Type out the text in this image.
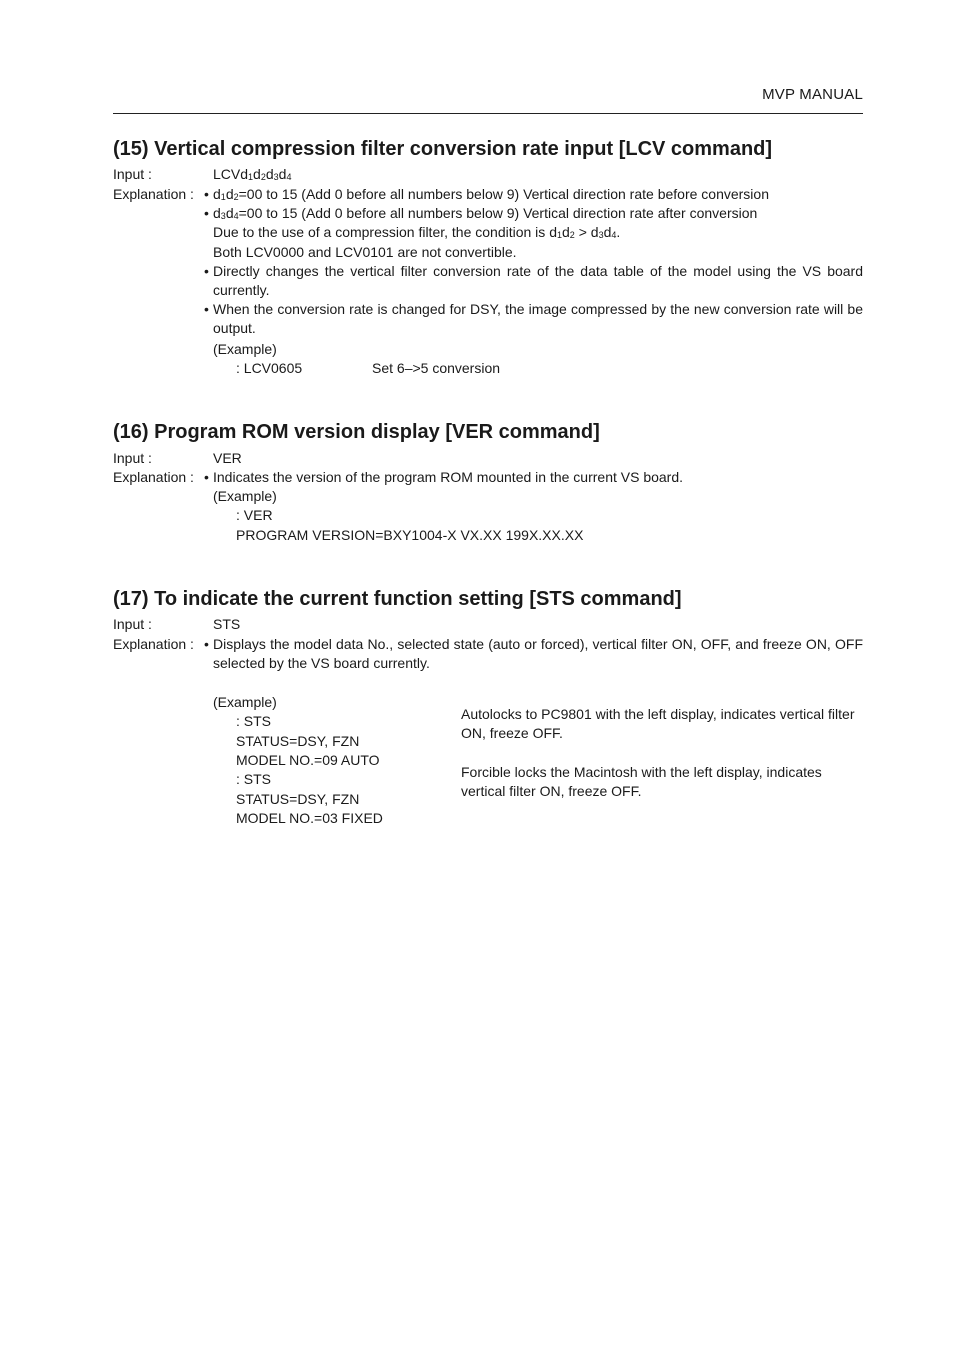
MVP MANUAL
(15) Vertical compression filter conversion rate input [LCV command]
Input :	$LCVd_1d_2d_3d_4$
Explanation : • $d_1d_2=00$ to 15 (Add 0 before all numbers below 9) Vertical direction rate before conversion
• $d_3d_4=00$ to 15 (Add 0 before all numbers below 9) Vertical direction rate after conversion
Due to the use of a compression filter, the condition is $d_1d_2 > d_3d_4$.
Both LCV0000 and LCV0101 are not convertible.
• Directly changes the vertical filter conversion rate of the data table of the model using the VS board currently.
• When the conversion rate is changed for DSY, the image compressed by the new conversion rate will be output.
(Example)
: LCV0605	Set 6–>5 conversion
(16) Program ROM version display [VER command]
Input :	VER
Explanation : • Indicates the version of the program ROM mounted in the current VS board.
(Example)
: VER
PROGRAM VERSION=BXY1004-X VX.XX 199X.XX.XX
(17) To indicate the current function setting [STS command]
Input :	STS
Explanation : • Displays the model data No., selected state (auto or forced), vertical filter ON, OFF, and freeze ON, OFF selected by the VS board currently.
(Example)
: STS
STATUS=DSY, FZN
MODEL NO.=09 AUTO
: STS
STATUS=DSY, FZN
MODEL NO.=03 FIXED
Autolocks to PC9801 with the left display, indicates vertical filter ON, freeze OFF.
Forcible locks the Macintosh with the left display, indicates vertical filter ON, freeze OFF.
